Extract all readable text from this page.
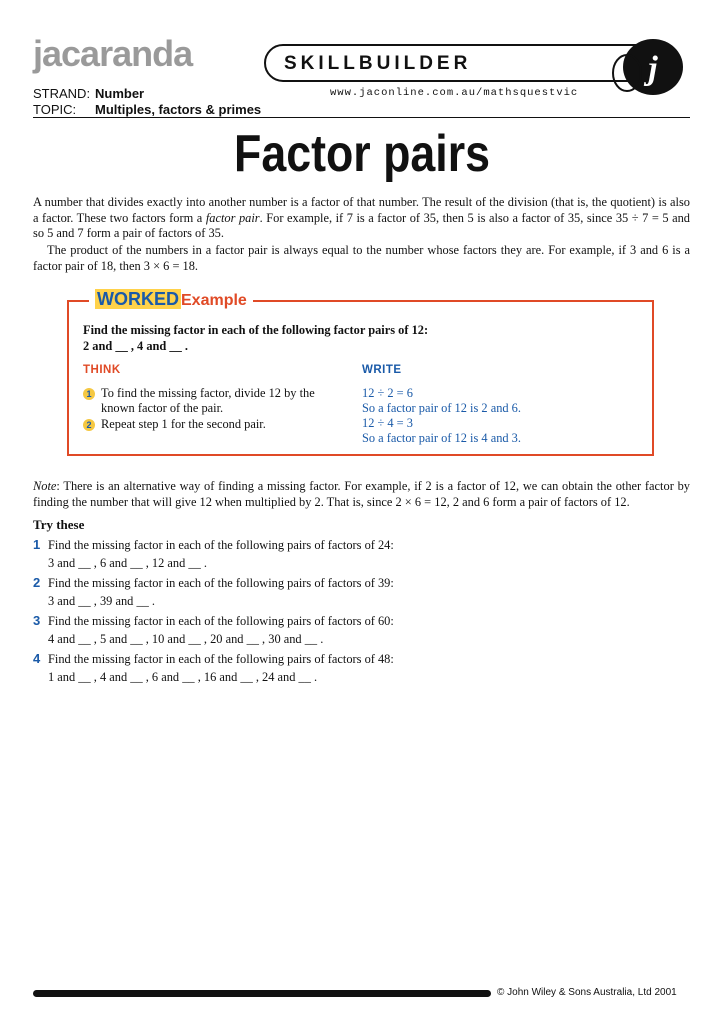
jacaranda
STRAND: Number
TOPIC: Multiples, factors & primes
SKILLBUILDER
www.jaconline.com.au/mathsquestvic
j
Factor pairs

A number that divides exactly into another number is a factor of that number. The result of the division (that is, the quotient) is also a factor. These two factors form a factor pair. For example, if 7 is a factor of 35, then 5 is also a factor of 35, since 35 ÷ 7 = 5 and so 5 and 7 form a pair of factors of 35.

The product of the numbers in a factor pair is always equal to the number whose factors they are. For example, if 3 and 6 is a factor pair of 18, then 3 × 6 = 18.

WORKED Example
Find the missing factor in each of the following factor pairs of 12:
2 and __ , 4 and __ .
THINK	WRITE
1 To find the missing factor, divide 12 by the known factor of the pair.
2 Repeat step 1 for the second pair.
12 ÷ 2 = 6
So a factor pair of 12 is 2 and 6.
12 ÷ 4 = 3
So a factor pair of 12 is 4 and 3.

Note: There is an alternative way of finding a missing factor. For example, if 2 is a factor of 12, we can obtain the other factor by finding the number that will give 12 when multiplied by 2. That is, since 2 × 6 = 12, 2 and 6 form a pair of factors of 12.

Try these
1 Find the missing factor in each of the following pairs of factors of 24:
3 and __ , 6 and __ , 12 and __ .
2 Find the missing factor in each of the following pairs of factors of 39:
3 and __ , 39 and __ .
3 Find the missing factor in each of the following pairs of factors of 60:
4 and __ , 5 and __ , 10 and __ , 20 and __ , 30 and __ .
4 Find the missing factor in each of the following pairs of factors of 48:
1 and __ , 4 and __ , 6 and __ , 16 and __ , 24 and __ .
© John Wiley & Sons Australia, Ltd 2001
